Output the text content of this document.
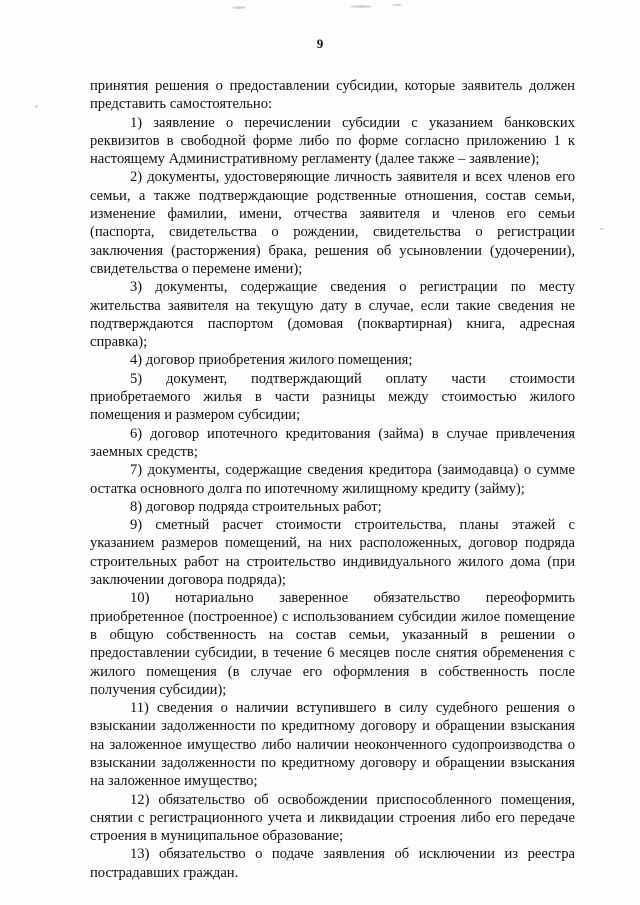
9

принятия решения о предоставлении субсидии, которые заявитель должен представить самостоятельно:

1) заявление о перечислении субсидии с указанием банковских реквизитов в свободной форме либо по форме согласно приложению 1 к настоящему Административному регламенту (далее также – заявление);

2) документы, удостоверяющие личность заявителя и всех членов его семьи, а также подтверждающие родственные отношения, состав семьи, изменение фамилии, имени, отчества заявителя и членов его семьи (паспорта, свидетельства о рождении, свидетельства о регистрации заключения (расторжения) брака, решения об усыновлении (удочерении), свидетельства о перемене имени);

3) документы, содержащие сведения о регистрации по месту жительства заявителя на текущую дату в случае, если такие сведения не подтверждаются паспортом (домовая (поквартирная) книга, адресная справка);

4) договор приобретения жилого помещения;

5) документ, подтверждающий оплату части стоимости приобретаемого жилья в части разницы между стоимостью жилого помещения и размером субсидии;

6) договор ипотечного кредитования (займа) в случае привлечения заемных средств;

7) документы, содержащие сведения кредитора (заимодавца) о сумме остатка основного долга по ипотечному жилищному кредиту (займу);

8) договор подряда строительных работ;

9) сметный расчет стоимости строительства, планы этажей с указанием размеров помещений, на них расположенных, договор подряда строительных работ на строительство индивидуального жилого дома (при заключении договора подряда);

10) нотариально заверенное обязательство переоформить приобретенное (построенное) с использованием субсидии жилое помещение в общую собственность на состав семьи, указанный в решении о предоставлении субсидии, в течение 6 месяцев после снятия обременения с жилого помещения (в случае его оформления в собственность после получения субсидии);

11) сведения о наличии вступившего в силу судебного решения о взыскании задолженности по кредитному договору и обращении взыскания на заложенное имущество либо наличии неоконченного судопроизводства о взыскании задолженности по кредитному договору и обращении взыскания на заложенное имущество;

12) обязательство об освобождении приспособленного помещения, снятии с регистрационного учета и ликвидации строения либо его передаче строения в муниципальное образование;

13) обязательство о подаче заявления об исключении из реестра пострадавших граждан.
